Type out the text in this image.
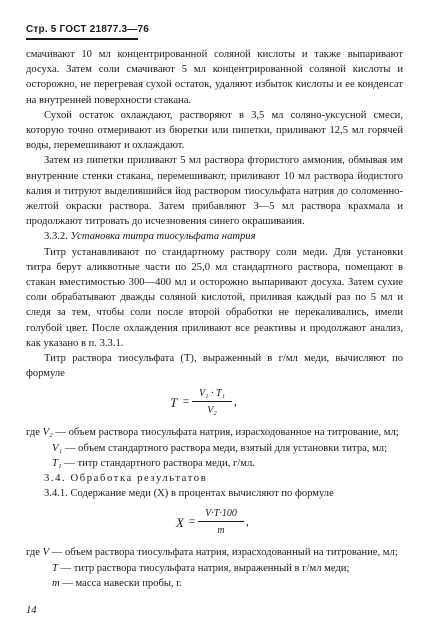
Стр. 5 ГОСТ 21877.3—76

смачивают 10 мл концентрированной соляной кислоты и также выпаривают досуха. Затем соли смачивают 5 мл концентрированной соляной кислоты и осторожно, не перегревая сухой остаток, удаляют избыток кислоты и ее конденсат на внутренней поверхности стакана.

Сухой остаток охлаждают, растворяют в 3,5 мл солянo-уксусной смеси, которую точно отмеривают из бюретки или пипетки, приливают 12,5 мл горячей воды, перемешивают и охлаждают.

Затем из пипетки приливают 5 мл раствора фтористого аммония, обмывая им внутренние стенки стакана, перемешивают, приливают 10 мл раствора йодистого калия и титруют выделившийся йод раствором тиосульфата натрия до соломенно-желтой окраски раствора. Затем прибавляют 3—5 мл раствора крахмала и продолжают титровать до исчезновения синего окрашивания.

3.3.2. Установка титра тиосульфата натрия

Титр устанавливают по стандартному раствору соли меди. Для установки титра берут аликвотные части по 25,0 мл стандартного раствора, помещают в стакан вместимостью 300—400 мл и осторожно выпаривают досуха. Затем сухие соли обрабатывают дважды соляной кислотой, приливая каждый раз по 5 мл и следя за тем, чтобы соли после второй обработки не перекаливались, имели голубой цвет. После охлаждения приливают все реактивы и продолжают анализ, как указано в п. 3.3.1.

Титр раствора тиосульфата (T), выраженный в г/мл меди, вычисляют по формуле

T =
V₁ · T₁
V₂
,

где V₂ — объем раствора тиосульфата натрия, израсходованное на титрование, мл;

V₁ — объем стандартного раствора меди, взятый для установки титра, мл;

T₁ — титр стандартного раствора меди, г/мл.

3.4. Обработка результатов

3.4.1. Содержание меди (X) в процентах вычисляют по формуле

X =
V·T·100
m
,

где V — объем раствора тиосульфата натрия, израсходованный на титрование, мл;

T — титр раствора тиосульфата натрия, выраженный в г/мл меди;

m — масса навески пробы, г.

14
